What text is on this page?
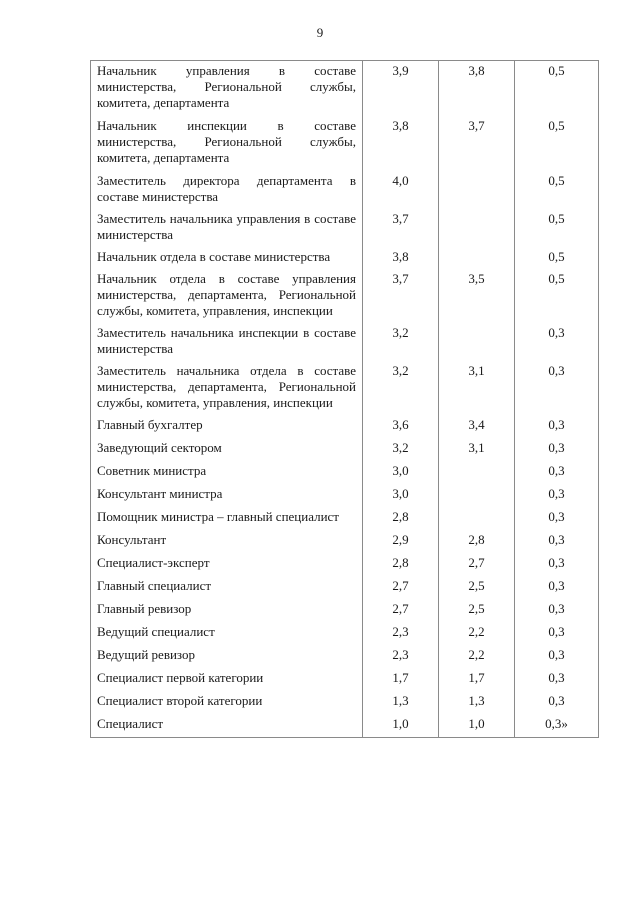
9
Начальник управления в составе министерства, Региональной службы, комитета, департамента	3,9	3,8	0,5
Начальник инспекции в составе министерства, Региональной службы, комитета, департамента	3,8	3,7	0,5
Заместитель директора департамента в составе министерства	4,0		0,5
Заместитель начальника управления в составе министерства	3,7		0,5
Начальник отдела в составе министерства	3,8		0,5
Начальник отдела в составе управления министерства, департамента, Региональной службы, комитета, управления, инспекции	3,7	3,5	0,5
Заместитель начальника инспекции в составе министерства	3,2		0,3
Заместитель начальника отдела в составе министерства, департамента, Региональной службы, комитета, управления, инспекции	3,2	3,1	0,3
Главный бухгалтер	3,6	3,4	0,3
Заведующий сектором	3,2	3,1	0,3
Советник министра	3,0		0,3
Консультант министра	3,0		0,3
Помощник министра – главный специалист	2,8		0,3
Консультант	2,9	2,8	0,3
Специалист-эксперт	2,8	2,7	0,3
Главный специалист	2,7	2,5	0,3
Главный ревизор	2,7	2,5	0,3
Ведущий специалист	2,3	2,2	0,3
Ведущий ревизор	2,3	2,2	0,3
Специалист первой категории	1,7	1,7	0,3
Специалист второй категории	1,3	1,3	0,3
Специалист	1,0	1,0	0,3»
